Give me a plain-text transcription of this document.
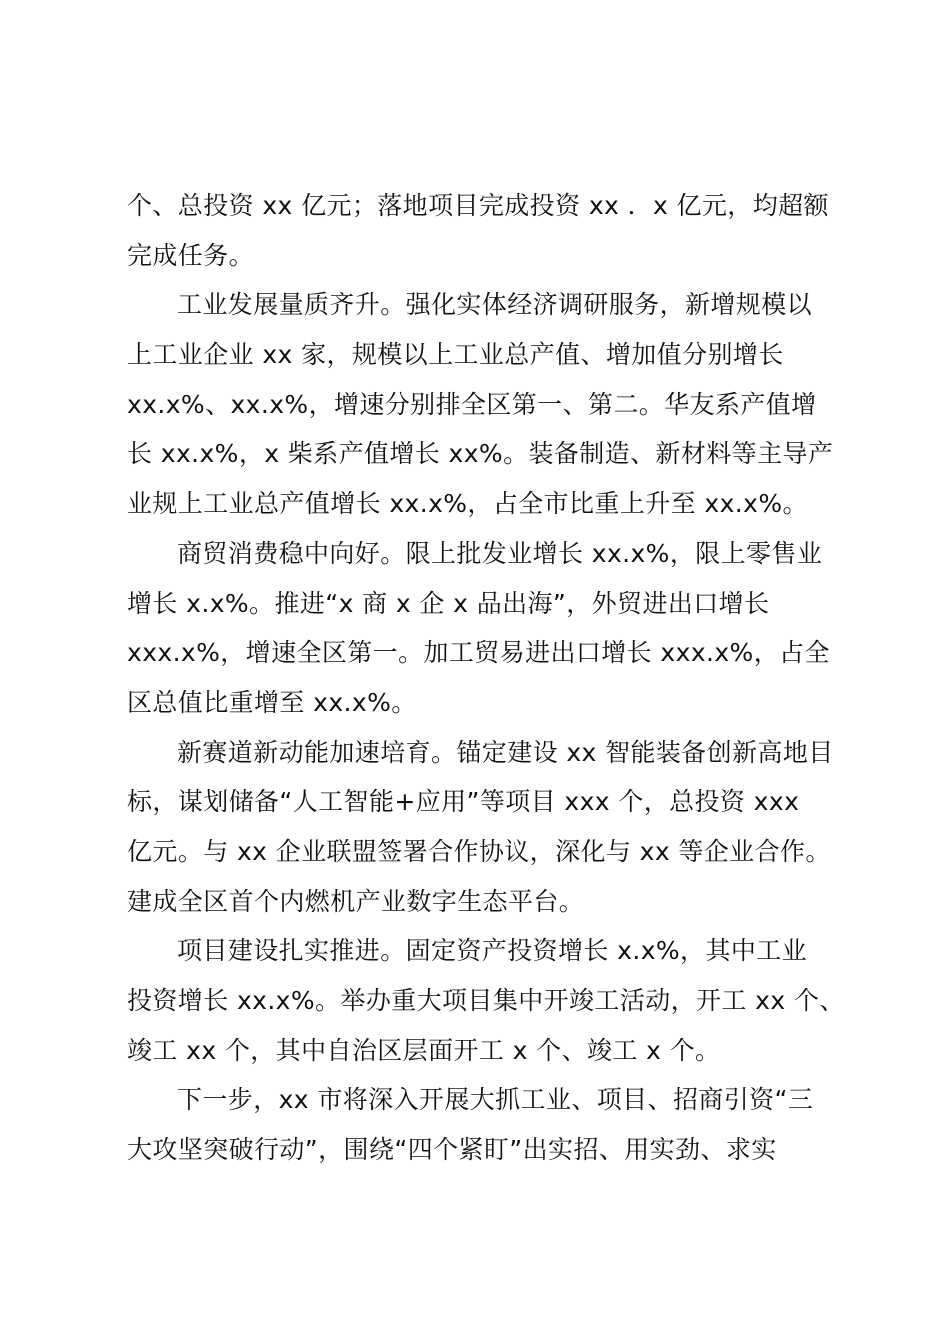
个、总投资 xx 亿元；落地项目完成投资 xx ．x 亿元，均超额
完成任务。
工业发展量质齐升。强化实体经济调研服务，新增规模以
上工业企业 xx 家，规模以上工业总产值、增加值分别增长
xx.x%、xx.x%，增速分别排全区第一、第二。华友系产值增
长 xx.x%，x 柴系产值增长 xx%。装备制造、新材料等主导产
业规上工业总产值增长 xx.x%，占全市比重上升至 xx.x%。
商贸消费稳中向好。限上批发业增长 xx.x%，限上零售业
增长 x.x%。推进“x 商 x 企 x 品出海”，外贸进出口增长
xxx.x%，增速全区第一。加工贸易进出口增长 xxx.x%，占全
区总值比重增至 xx.x%。
新赛道新动能加速培育。锚定建设 xx 智能装备创新高地目
标，谋划储备“人工智能+应用”等项目 xxx 个，总投资 xxx
亿元。与 xx 企业联盟签署合作协议，深化与 xx 等企业合作。
建成全区首个内燃机产业数字生态平台。
项目建设扎实推进。固定资产投资增长 x.x%，其中工业
投资增长 xx.x%。举办重大项目集中开竣工活动，开工 xx 个、
竣工 xx 个，其中自治区层面开工 x 个、竣工 x 个。
下一步，xx 市将深入开展大抓工业、项目、招商引资“三
大攻坚突破行动”，围绕“四个紧盯”出实招、用实劲、求实
